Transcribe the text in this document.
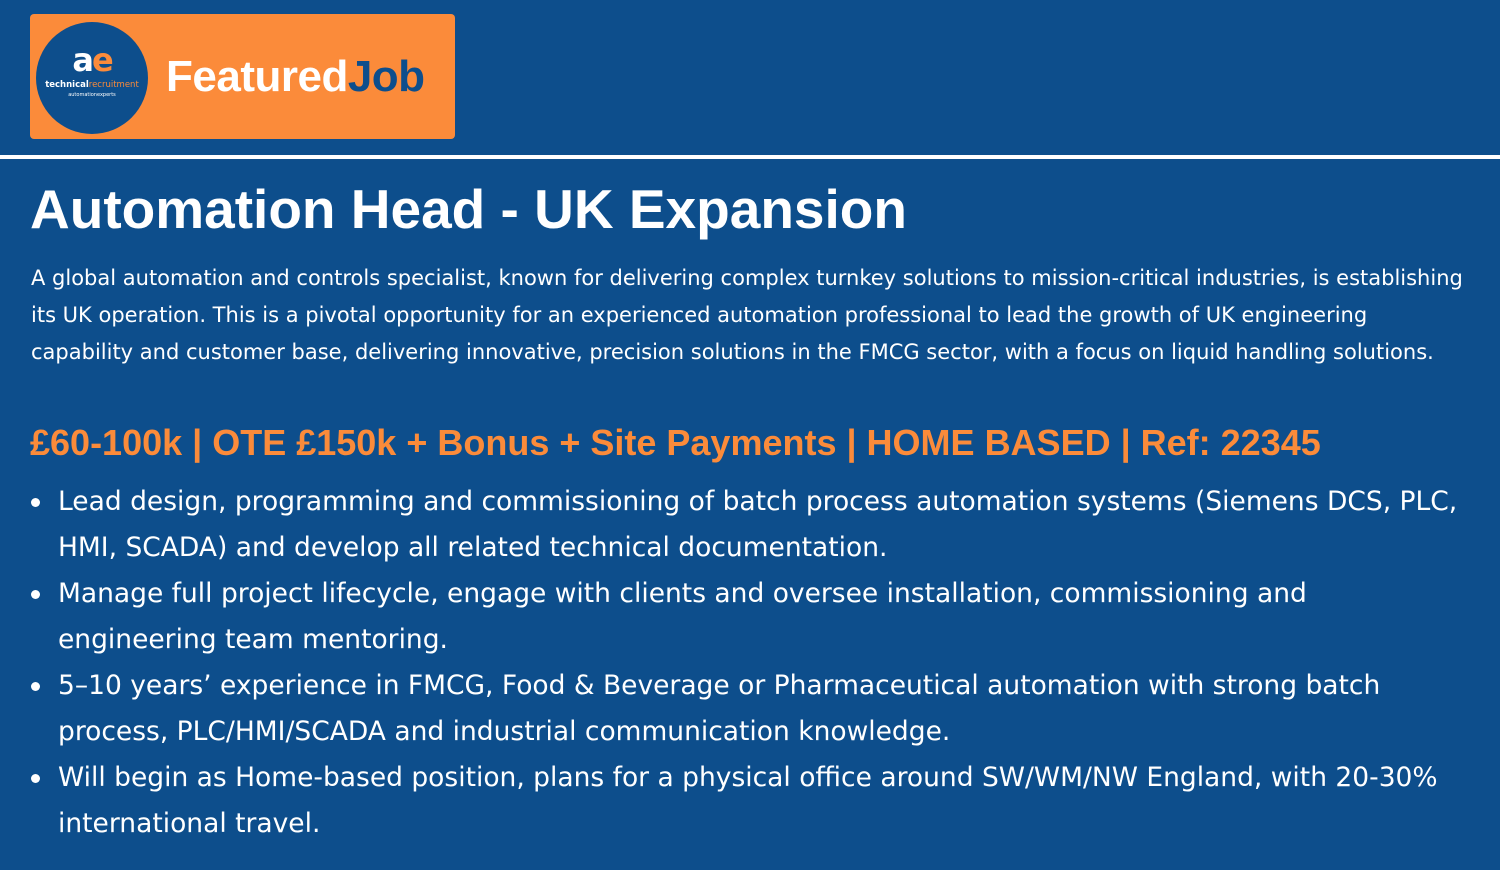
ae
technicalrecruitment
automationexperts	FeaturedJob
Automation Head - UK Expansion

A global automation and controls specialist, known for delivering complex turnkey solutions to mission-critical industries, is establishing its UK operation. This is a pivotal opportunity for an experienced automation professional to lead the growth of UK engineering capability and customer base, delivering innovative, precision solutions in the FMCG sector, with a focus on liquid handling solutions.

£60-100k | OTE £150k + Bonus + Site Payments | HOME BASED | Ref: 22345
Lead design, programming and commissioning of batch process automation systems (Siemens DCS, PLC, HMI, SCADA) and develop all related technical documentation.
Manage full project lifecycle, engage with clients and oversee installation, commissioning and engineering team mentoring.
5–10 years’ experience in FMCG, Food & Beverage or Pharmaceutical automation with strong batch process, PLC/HMI/SCADA and industrial communication knowledge.
Will begin as Home-based position, plans for a physical office around SW/WM/NW England, with 20-30% international travel.
